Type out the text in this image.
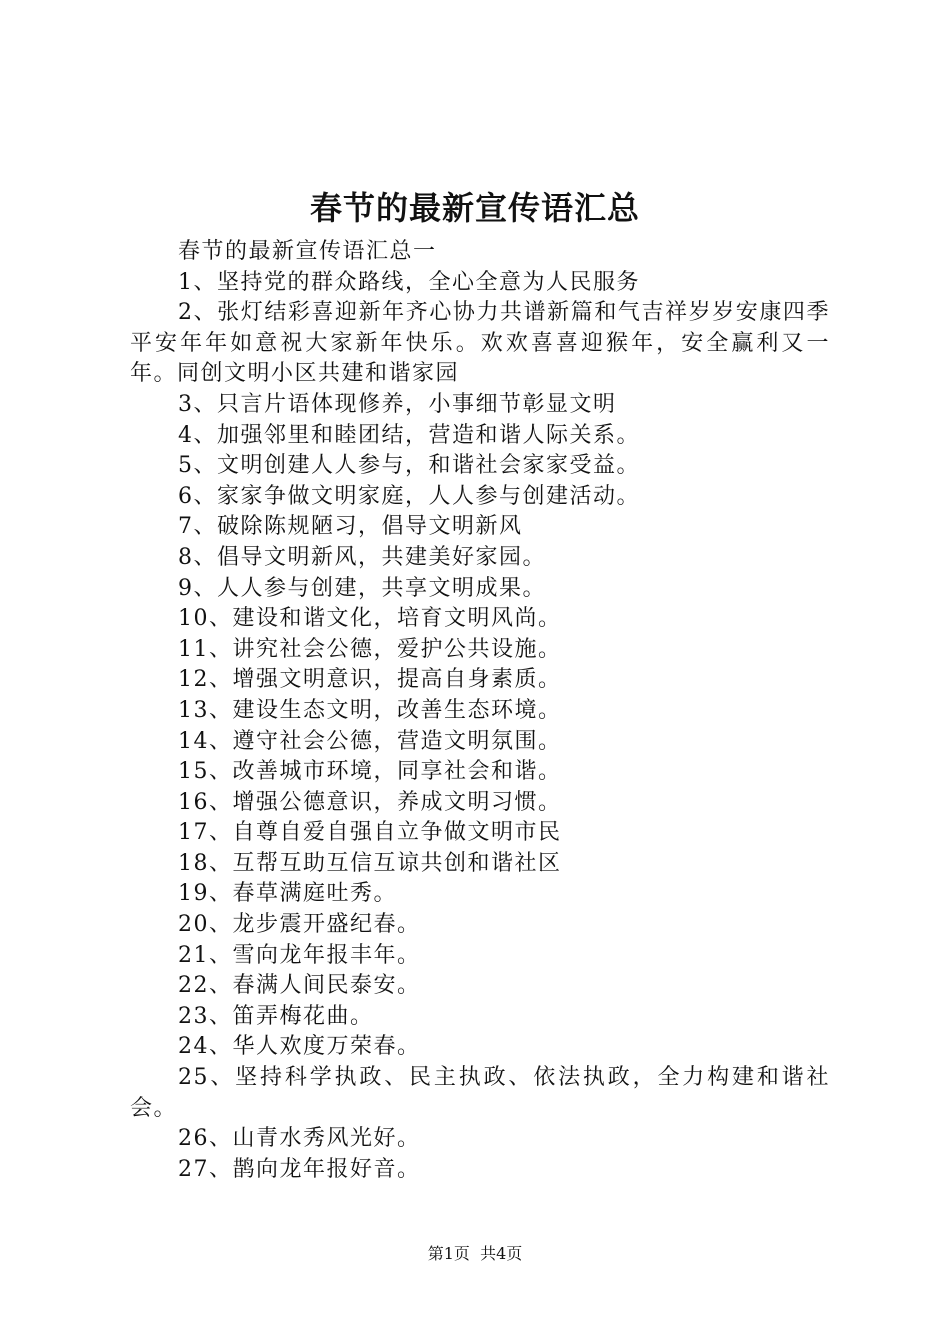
春节的最新宣传语汇总

春节的最新宣传语汇总一

1、坚持党的群众路线，全心全意为人民服务

2、张灯结彩喜迎新年齐心协力共谱新篇和气吉祥岁岁安康四季平安年年如意祝大家新年快乐。欢欢喜喜迎猴年，安全赢利又一年。同创文明小区共建和谐家园

3、只言片语体现修养，小事细节彰显文明

4、加强邻里和睦团结，营造和谐人际关系。

5、文明创建人人参与，和谐社会家家受益。

6、家家争做文明家庭，人人参与创建活动。

7、破除陈规陋习，倡导文明新风

8、倡导文明新风，共建美好家园。

9、人人参与创建，共享文明成果。

10、建设和谐文化，培育文明风尚。

11、讲究社会公德，爱护公共设施。

12、增强文明意识，提高自身素质。

13、建设生态文明，改善生态环境。

14、遵守社会公德，营造文明氛围。

15、改善城市环境，同享社会和谐。

16、增强公德意识，养成文明习惯。

17、自尊自爱自强自立争做文明市民

18、互帮互助互信互谅共创和谐社区

19、春草满庭吐秀。

20、龙步震开盛纪春。

21、雪向龙年报丰年。

22、春满人间民泰安。

23、笛弄梅花曲。

24、华人欢度万荣春。

25、坚持科学执政、民主执政、依法执政，全力构建和谐社会。

26、山青水秀风光好。

27、鹊向龙年报好音。

第1页  共4页
